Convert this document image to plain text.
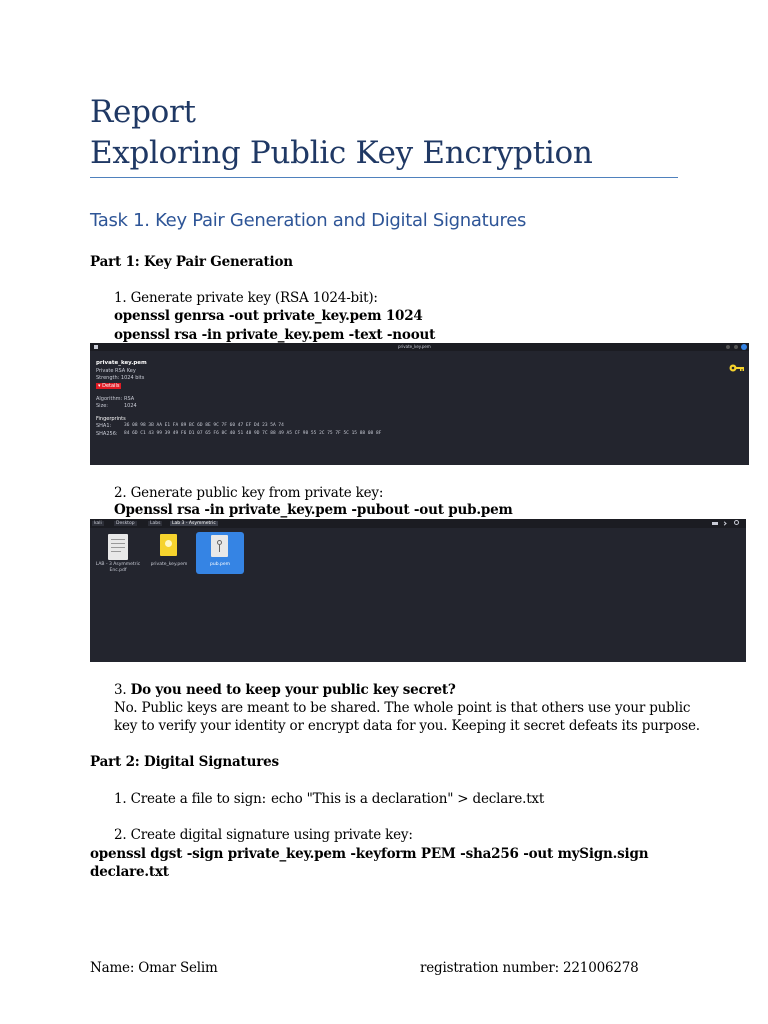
Report
Exploring Public Key Encryption
Task 1. Key Pair Generation and Digital Signatures
Part 1: Key Pair Generation
1. Generate private key (RSA 1024-bit):
openssl genrsa -out private_key.pem 1024
openssl rsa -in private_key.pem -text -noout
private_key.pem
private_key.pem
Private RSA Key
Strength: 1024 bits
▾ Details
Algorithm: RSA
Size:	1024
Fingerprints
SHA1:	36 08 98 3B AA E1 FA 89 BC 6D 8E 9C 7F 60 47 EF D4 23 5A 74
SHA256: 84 6D C1 43 99 39 49 F6 D1 07 65 F6 8C 40 51 48 9D 7C 88 49 A5 CF 98 55 2C 75 7F 5C 15 88 08 8F
2. Generate public key from private key:
Openssl rsa -in private_key.pem -pubout -out pub.pem
kali	Desktop	Labs	Lab 3 - Asymmetric
LAB - 3 Asymmetric
Enc.pdf
private_key.pem	pub.pem
3. Do you need to keep your public key secret?
No. Public keys are meant to be shared. The whole point is that others use your public
key to verify your identity or encrypt data for you. Keeping it secret defeats its purpose.
Part 2: Digital Signatures
1. Create a file to sign: echo "This is a declaration" > declare.txt
2. Create digital signature using private key:
openssl dgst -sign private_key.pem -keyform PEM -sha256 -out mySign.sign
declare.txt
Name: Omar Selim	registration number: 221006278
